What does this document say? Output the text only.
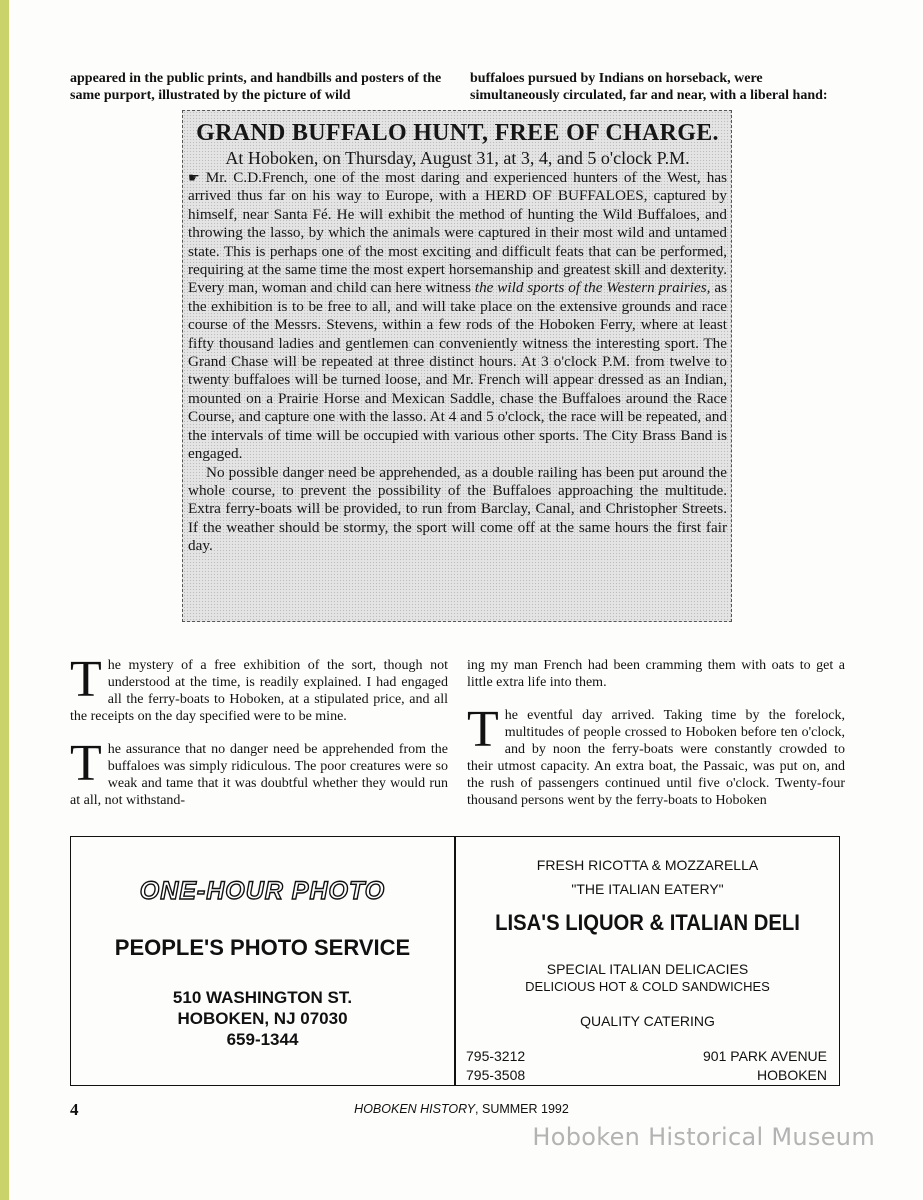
appeared in the public prints, and handbills and posters of the same purport, illustrated by the picture of wild

buffaloes pursued by Indians on horseback, were simultaneously circulated, far and near, with a liberal hand:

GRAND BUFFALO HUNT, FREE OF CHARGE.

At Hoboken, on Thursday, August 31, at 3, 4, and 5 o'clock P.M.

☛ Mr. C.D.French, one of the most daring and experienced hunters of the West, has arrived thus far on his way to Europe, with a HERD OF BUFFALOES, captured by himself, near Santa Fé. He will exhibit the method of hunting the Wild Buffaloes, and throwing the lasso, by which the animals were captured in their most wild and untamed state. This is perhaps one of the most exciting and difficult feats that can be performed, requiring at the same time the most expert horsemanship and greatest skill and dexterity. Every man, woman and child can here witness the wild sports of the Western prairies, as the exhibition is to be free to all, and will take place on the extensive grounds and race course of the Messrs. Stevens, within a few rods of the Hoboken Ferry, where at least fifty thousand ladies and gentlemen can conveniently witness the interesting sport. The Grand Chase will be repeated at three distinct hours. At 3 o'clock P.M. from twelve to twenty buffaloes will be turned loose, and Mr. French will appear dressed as an Indian, mounted on a Prairie Horse and Mexican Saddle, chase the Buffaloes around the Race Course, and capture one with the lasso. At 4 and 5 o'clock, the race will be repeated, and the intervals of time will be occupied with various other sports. The City Brass Band is engaged.

No possible danger need be apprehended, as a double railing has been put around the whole course, to prevent the possibility of the Buffaloes approaching the multitude. Extra ferry-boats will be provided, to run from Barclay, Canal, and Christopher Streets. If the weather should be stormy, the sport will come off at the same hours the first fair day.

The mystery of a free exhibition of the sort, though not understood at the time, is readily explained. I had engaged all the ferry-boats to Hoboken, at a stipulated price, and all the receipts on the day specified were to be mine.

The assurance that no danger need be apprehended from the buffaloes was simply ridiculous. The poor creatures were so weak and tame that it was doubtful whether they would run at all, not withstand-

ing my man French had been cramming them with oats to get a little extra life into them.

The eventful day arrived. Taking time by the forelock, multitudes of people crossed to Hoboken before ten o'clock, and by noon the ferry-boats were constantly crowded to their utmost capacity. An extra boat, the Passaic, was put on, and the rush of passengers continued until five o'clock. Twenty-four thousand persons went by the ferry-boats to Hoboken

ONE-HOUR PHOTO
PEOPLE'S PHOTO SERVICE
510 WASHINGTON ST.
HOBOKEN, NJ 07030
659-1344
FRESH RICOTTA & MOZZARELLA
"THE ITALIAN EATERY"
LISA'S LIQUOR & ITALIAN DELI
SPECIAL ITALIAN DELICACIES
DELICIOUS HOT & COLD SANDWICHES
QUALITY CATERING
795-3212
795-3508
901 PARK AVENUE
HOBOKEN
4	HOBOKEN HISTORY, SUMMER 1992
Hoboken Historical Museum
